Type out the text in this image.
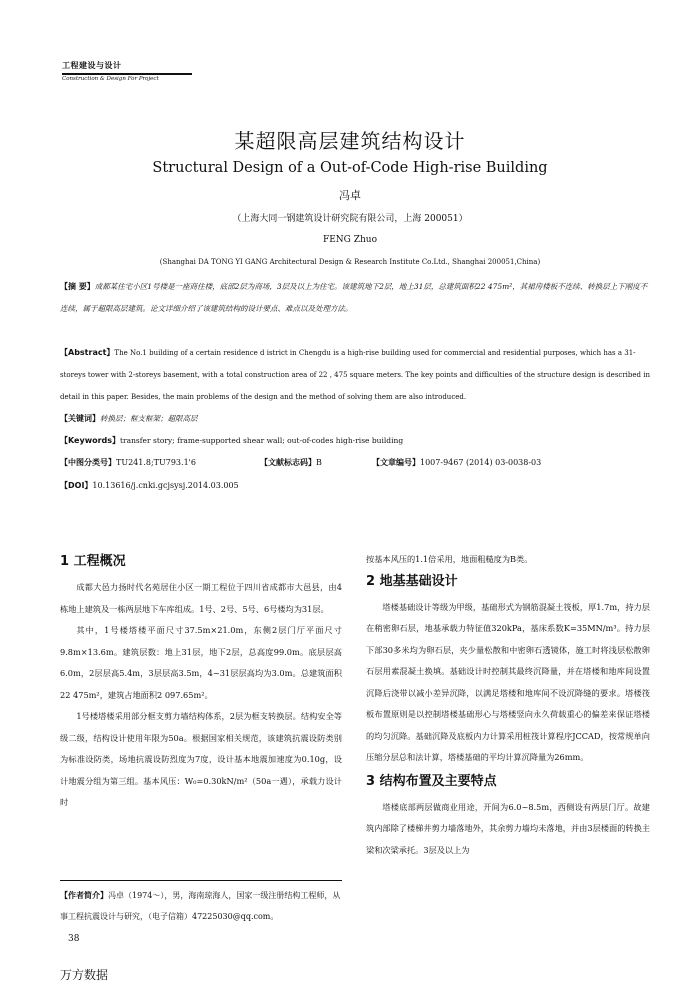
工程建设与设计
Construction & Design For Project
某超限高层建筑结构设计
Structural Design of a Out-of-Code High-rise Building
冯卓
（上海大同一钢建筑设计研究院有限公司，上海 200051）
FENG Zhuo
(Shanghai DA TONG YI GANG Architectural Design & Research Institute Co.Ltd., Shanghai 200051,China)
【摘 要】成都某住宅小区1号楼是一座商住楼，底部2层为商场，3层及以上为住宅。该建筑地下2层，地上31层，总建筑面积22 475m²，其裙房楼板不连续、转换层上下刚度不连续，属于超限高层建筑。论文详细介绍了该建筑结构的设计要点、难点以及处理方法。
【Abstract】The No.1 building of a certain residence d istrict in Chengdu is a high-rise building used for commercial and residential purposes, which has a 31-storeys tower with 2-storeys basement, with a total construction area of 22 , 475 square meters. The key points and difficulties of the structure design is described in detail in this paper. Besides, the main problems of the design and the method of solving them are also introduced.
【关键词】转换层；框支框架；超限高层
【Keywords】transfer story; frame-supported shear wall; out-of-codes high-rise building
【中图分类号】TU241.8;TU793.1'6	【文献标志码】B	【文章编号】1007-9467 (2014) 03-0038-03
【DOI】10.13616/j.cnki.gcjsysj.2014.03.005
1 工程概况

成都大邑力扬时代名苑居住小区一期工程位于四川省成都市大邑县，由4栋地上建筑及一栋两层地下车库组成。1号、2号、5号、6号楼均为31层。

其中，1号楼塔楼平面尺寸37.5m×21.0m，东侧2层门厅平面尺寸9.8m×13.6m。建筑层数：地上31层，地下2层，总高度99.0m。底层层高6.0m，2层层高5.4m，3层层高3.5m，4~31层层高均为3.0m。总建筑面积22 475m²，建筑占地面积2 097.65m²。

1号楼塔楼采用部分框支剪力墙结构体系，2层为框支转换层。结构安全等级二级，结构设计使用年限为50a。根据国家相关规范，该建筑抗震设防类别为标准设防类，场地抗震设防烈度为7度，设计基本地震加速度为0.10g，设计地震分组为第三组。基本风压：W₀=0.30kN/m²（50a一遇），承载力设计时

按基本风压的1.1倍采用，地面粗糙度为B类。

2 地基基础设计

塔楼基础设计等级为甲级，基础形式为钢筋混凝土筏板，厚1.7m，持力层在稍密卵石层，地基承载力特征值320kPa，基床系数K=35MN/m³。持力层下部30多米均为卵石层，夹少量松散和中密卵石透镜体，施工时将浅层松散卵石层用素混凝土换填。基础设计时控制其最终沉降量，并在塔楼和地库间设置沉降后浇带以减小差异沉降，以满足塔楼和地库间不设沉降缝的要求。塔楼筏板布置原则是以控制塔楼基础形心与塔楼竖向永久荷载重心的偏差来保证塔楼的均匀沉降。基础沉降及底板内力计算采用桩筏计算程序JCCAD，按常规单向压缩分层总和法计算，塔楼基础的平均计算沉降量为26mm。

3 结构布置及主要特点

塔楼底部两层做商业用途，开间为6.0~8.5m，西侧设有两层门厅。故建筑内部除了楼梯井剪力墙落地外，其余剪力墙均未落地，并由3层楼面的转换主梁和次梁承托。3层及以上为

【作者简介】冯卓（1974～），男，海南琼海人，国家一级注册结构工程师，从事工程抗震设计与研究，（电子信箱）47225030@qq.com。
38
万方数据
